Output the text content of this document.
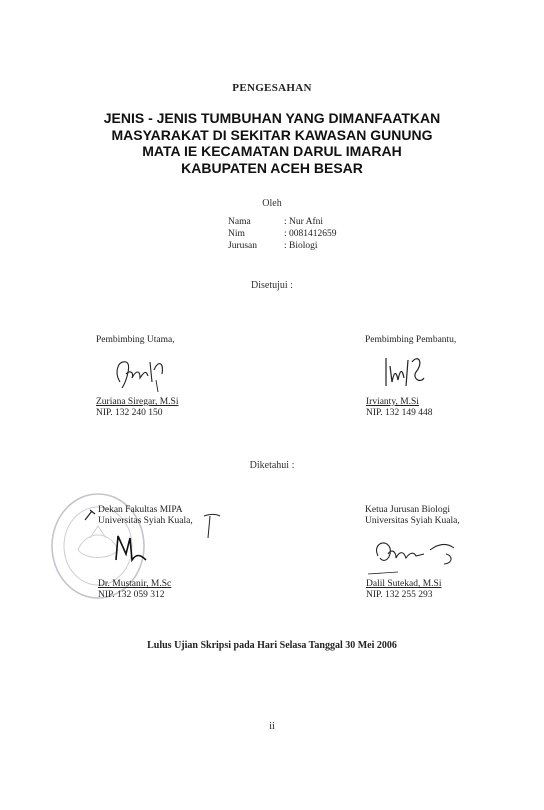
PENGESAHAN
JENIS - JENIS TUMBUHAN YANG DIMANFAATKAN
MASYARAKAT DI SEKITAR KAWASAN GUNUNG
MATA IE KECAMATAN DARUL IMARAH
KABUPATEN ACEH BESAR
Oleh
Nama	: Nur Afni
Nim	: 0081412659
Jurusan	: Biologi
Disetujui :
Pembimbing Utama,
Zuriana Siregar, M.Si
NIP. 132 240 150
Pembimbing Pembantu,
Irvianty, M.Si
NIP. 132 149 448
Diketahui :
Dekan Fakultas MIPA
Universitas Syiah Kuala,
Dr. Mustanir, M.Sc
NIP. 132 059 312
Ketua Jurusan Biologi
Universitas Syiah Kuala,
Dalil Sutekad, M.Si
NIP. 132 255 293
Lulus Ujian Skripsi pada Hari Selasa Tanggal 30 Mei 2006
ii
